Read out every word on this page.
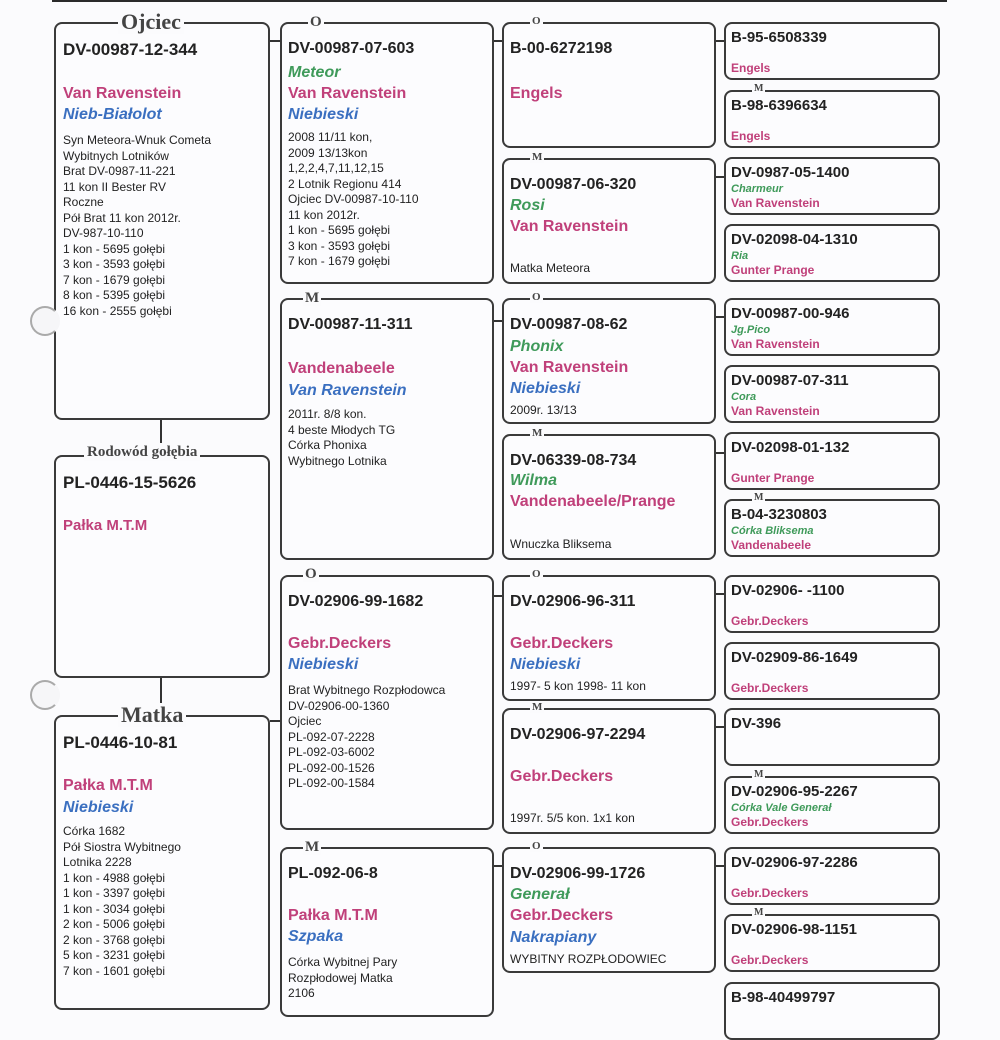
DV-00987-12-344
Van Ravenstein
Nieb-Białolot
Syn Meteora-Wnuk Cometa
Wybitnych Lotników
Brat DV-0987-11-221
11 kon II Bester RV
Roczne
Pół Brat 11 kon 2012r.
DV-987-10-110
1 kon - 5695 gołębi
3 kon - 3593 gołębi
7 kon - 1679 gołębi
8 kon - 5395 gołębi
16 kon - 2555 gołębi
Ojciec
PL-0446-15-5626
Pałka M.T.M
Rodowód gołębia
PL-0446-10-81
Pałka M.T.M
Niebieski
Córka 1682
Pół Siostra Wybitnego
Lotnika 2228
1 kon - 4988 gołębi
1 kon - 3397 gołębi
1 kon - 3034 gołębi
2 kon - 5006 gołębi
2 kon - 3768 gołębi
5 kon - 3231 gołębi
7 kon - 1601 gołębi
Matka
DV-00987-07-603
Meteor
Van Ravenstein
Niebieski
2008 11/11 kon,
2009 13/13kon
1,2,2,4,7,11,12,15
2 Lotnik Regionu 414
Ojciec DV-00987-10-110
11 kon 2012r.
1 kon - 5695 gołębi
3 kon - 3593 gołębi
7 kon - 1679 gołębi
O
DV-00987-11-311
Vandenabeele
Van Ravenstein
2011r. 8/8 kon.
4 beste Młodych TG
Córka Phonixa
Wybitnego Lotnika
M
DV-02906-99-1682
Gebr.Deckers
Niebieski
Brat Wybitnego Rozpłodowca
DV-02906-00-1360
Ojciec
PL-092-07-2228
PL-092-03-6002
PL-092-00-1526
PL-092-00-1584
O
PL-092-06-8
Pałka M.T.M
Szpaka
Córka Wybitnej Pary
Rozpłodowej Matka
2106
M
B-00-6272198
Engels
O
DV-00987-06-320
Rosi
Van Ravenstein
Matka Meteora
M
DV-00987-08-62
Phonix
Van Ravenstein
Niebieski
2009r. 13/13
O
DV-06339-08-734
Wilma
Vandenabeele/Prange
Wnuczka Bliksema
M
DV-02906-96-311
Gebr.Deckers
Niebieski
1997- 5 kon 1998- 11 kon
O
DV-02906-97-2294
Gebr.Deckers
1997r. 5/5 kon. 1x1 kon
M
DV-02906-99-1726
Generał
Gebr.Deckers
Nakrapiany
WYBITNY ROZPŁODOWIEC
O
B-95-6508339
Engels
B-98-6396634
Engels
M
DV-0987-05-1400
Charmeur
Van Ravenstein
DV-02098-04-1310
Ria
Gunter Prange
DV-00987-00-946
Jg.Pico
Van Ravenstein
DV-00987-07-311
Cora
Van Ravenstein
DV-02098-01-132
Gunter Prange
B-04-3230803
Córka Bliksema
Vandenabeele
M
DV-02906- -1100
Gebr.Deckers
DV-02909-86-1649
Gebr.Deckers
DV-396
DV-02906-95-2267
Córka Vale Generał
Gebr.Deckers
M
DV-02906-97-2286
Gebr.Deckers
DV-02906-98-1151
Gebr.Deckers
M
B-98-40499797
